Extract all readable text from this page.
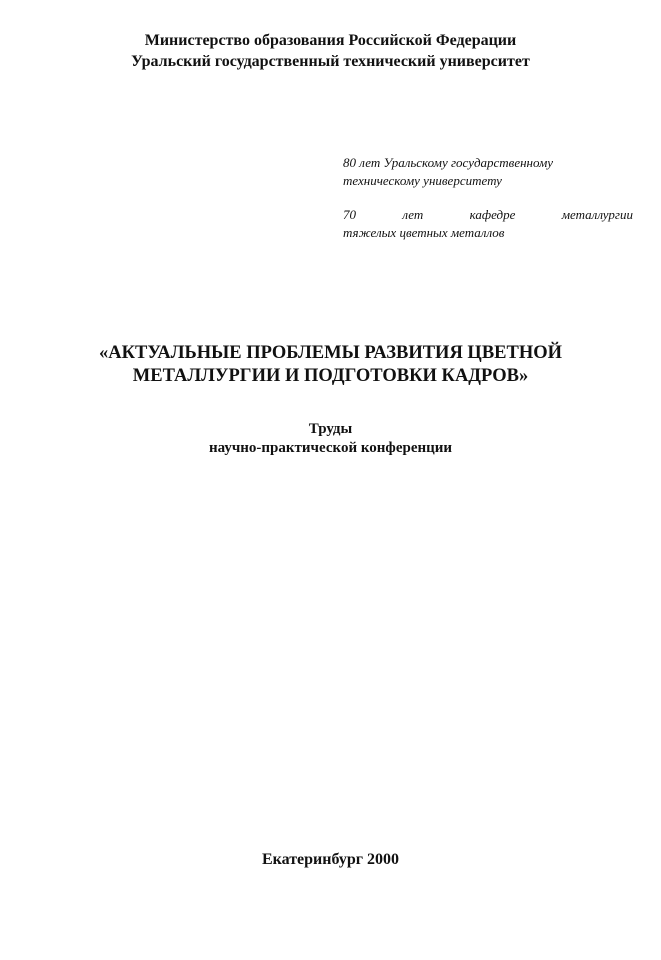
Министерство образования Российской Федерации
Уральский государственный технический университет
80 лет Уральскому государственному
техническому университету
70	лет	кафедре	металлургии
тяжелых цветных металлов
«АКТУАЛЬНЫЕ ПРОБЛЕМЫ РАЗВИТИЯ ЦВЕТНОЙ
МЕТАЛЛУРГИИ И ПОДГОТОВКИ КАДРОВ»
Труды
научно-практической конференции
Екатеринбург 2000
